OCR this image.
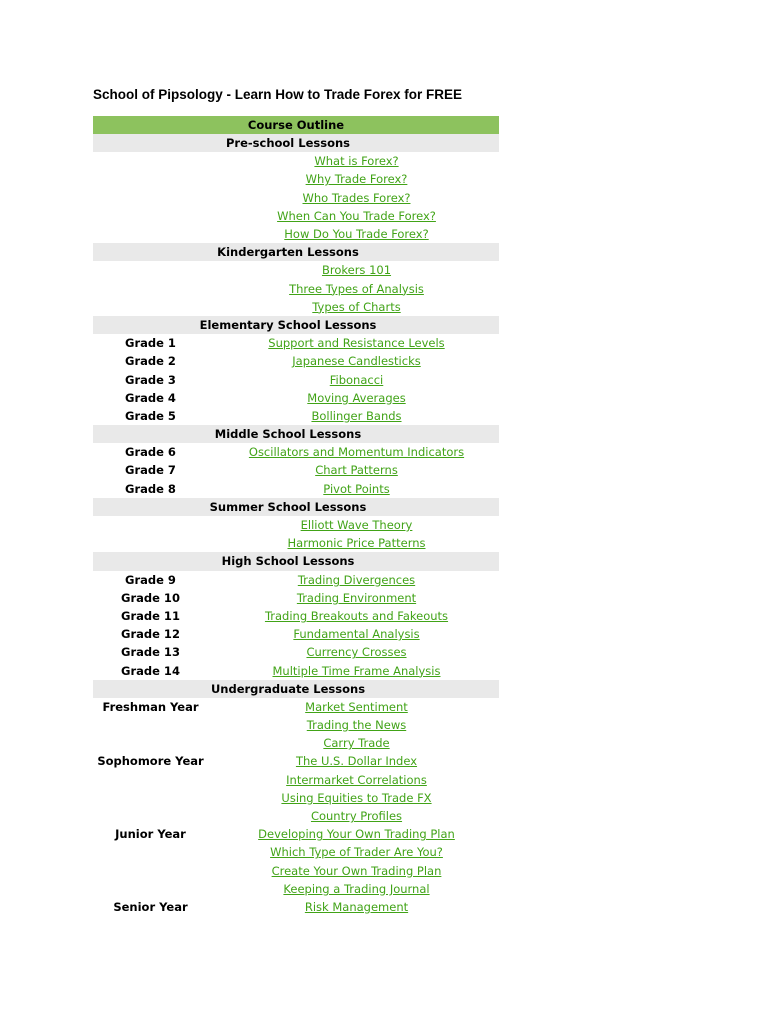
School of Pipsology - Learn How to Trade Forex for FREE
Course Outline
Pre-school Lessons
What is Forex?
Why Trade Forex?
Who Trades Forex?
When Can You Trade Forex?
How Do You Trade Forex?
Kindergarten Lessons
Brokers 101
Three Types of Analysis
Types of Charts
Elementary School Lessons
Grade 1	Support and Resistance Levels
Grade 2	Japanese Candlesticks
Grade 3	Fibonacci
Grade 4	Moving Averages
Grade 5	Bollinger Bands
Middle School Lessons
Grade 6	Oscillators and Momentum Indicators
Grade 7	Chart Patterns
Grade 8	Pivot Points
Summer School Lessons
Elliott Wave Theory
Harmonic Price Patterns
High School Lessons
Grade 9	Trading Divergences
Grade 10	Trading Environment
Grade 11	Trading Breakouts and Fakeouts
Grade 12	Fundamental Analysis
Grade 13	Currency Crosses
Grade 14	Multiple Time Frame Analysis
Undergraduate Lessons
Freshman Year	Market Sentiment
Trading the News
Carry Trade
Sophomore Year	The U.S. Dollar Index
Intermarket Correlations
Using Equities to Trade FX
Country Profiles
Junior Year	Developing Your Own Trading Plan
Which Type of Trader Are You?
Create Your Own Trading Plan
Keeping a Trading Journal
Senior Year	Risk Management
